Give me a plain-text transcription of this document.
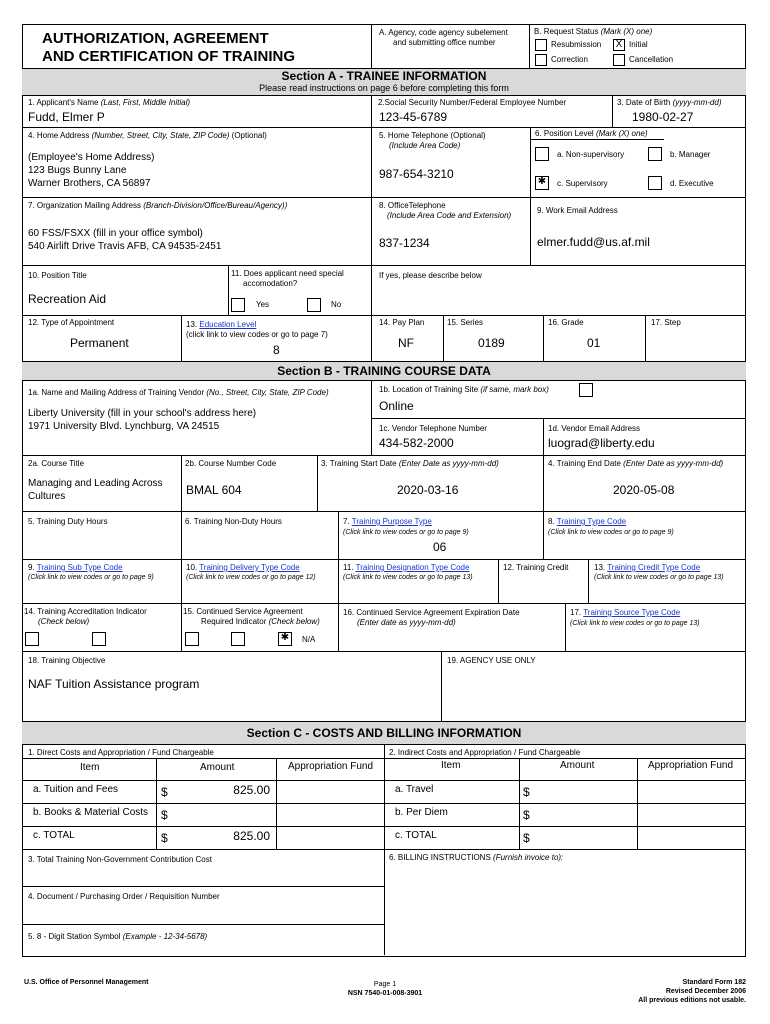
AUTHORIZATION, AGREEMENT
AND CERTIFICATION OF TRAINING
A. Agency, code agency subelement
and submitting office number
B. Request Status (Mark (X) one)
Resubmission X Initial
Correction	Cancellation
Section A - TRAINEE INFORMATION
Please read instructions on page 6 before completing this form
1. Applicant's Name (Last, First, Middle Initial)
Fudd, Elmer P
2.Social Security Number/Federal Employee Number
123-45-6789
3. Date of Birth (yyyy-mm-dd)
1980-02-27
4. Home Address (Number, Street, City, State, ZIP Code) (Optional)
(Employee's Home Address)
123 Bugs Bunny Lane
Warner Brothers, CA 56897
5. Home Telephone (Optional)
(Include Area Code)
987-654-3210
6. Position Level (Mark (X) one)
a. Non-supervisory	b. Manager
✱	c. Supervisory	d. Executive
7. Organization Mailing Address (Branch-Division/Office/Bureau/Agency))
60 FSS/FSXX (fill in your office symbol)
540 Airlift Drive Travis AFB, CA 94535-2451
8. OfficeTelephone
(Include Area Code and Extension)
837-1234
9. Work Email Address
elmer.fudd@us.af.mil
10. Position Title
Recreation Aid
11. Does applicant need special
accomodation?
Yes	No
If yes, please describe below
12. Type of Appointment
Permanent
13. Education Level
(click link to view codes or go to page 7)
8
14. Pay Plan
NF
15. Series
0189
16. Grade
01
17. Step
Section B - TRAINING COURSE DATA
1a. Name and Mailing Address of Training Vendor (No., Street, City, State, ZIP Code)
Liberty University (fill in your school's address here)
1971 University Blvd. Lynchburg, VA 24515
1b. Location of Training Site (if same, mark box)
Online
1c. Vendor Telephone Number
434-582-2000
1d. Vendor Email Address
luograd@liberty.edu
2a. Course Title
Managing and Leading Across
Cultures
2b. Course Number Code
BMAL 604
3. Training Start Date (Enter Date as yyyy-mm-dd)
2020-03-16
4. Training End Date (Enter Date as yyyy-mm-dd)
2020-05-08
5. Training Duty Hours	6. Training Non-Duty Hours	7. Training Purpose Type
(Click link to view codes or go to page 9)
06
8. Training Type Code
(Click link to view codes or go to page 9)
9. Training Sub Type Code
(Click link to view codes or go to page 9)
10. Training Delivery Type Code
(Click link to view codes or go to page 12)
11. Training Designation Type Code
(Click link to view codes or go to page 13)
12. Training Credit	13. Training Credit Type Code
(Click link to view codes or go to page 13)
14. Training Accreditation Indicator
(Check below)
15. Continued Service Agreement
Required Indicator (Check below)
✱	N/A
16. Continued Service Agreement Expiration Date
(Enter date as yyyy-mm-dd)
17. Training Source Type Code
(Click link to view codes or go to page 13)
18. Training Objective
NAF Tuition Assistance program
19. AGENCY USE ONLY
Section C - COSTS AND BILLING INFORMATION
1. Direct Costs and Appropriation / Fund Chargeable	2. Indirect Costs and Appropriation / Fund Chargeable
Item	Amount	Appropriation Fund
a. Tuition and Fees	$	825.00
b. Books & Material Costs $
c. TOTAL	$	825.00
Item	Amount	Appropriation Fund
a. Travel	$
b. Per Diem	$
c. TOTAL	$
3. Total Training Non-Government Contribution Cost
4. Document / Purchasing Order / Requisition Number
5. 8 - Digit Station Symbol (Example - 12-34-5678)
6. BILLING INSTRUCTIONS (Furnish invoice to):
U.S. Office of Personnel Management	Page 1
NSN 7540-01-008-3901
Standard Form 182
Revised December 2006
All previous editions not usable.
